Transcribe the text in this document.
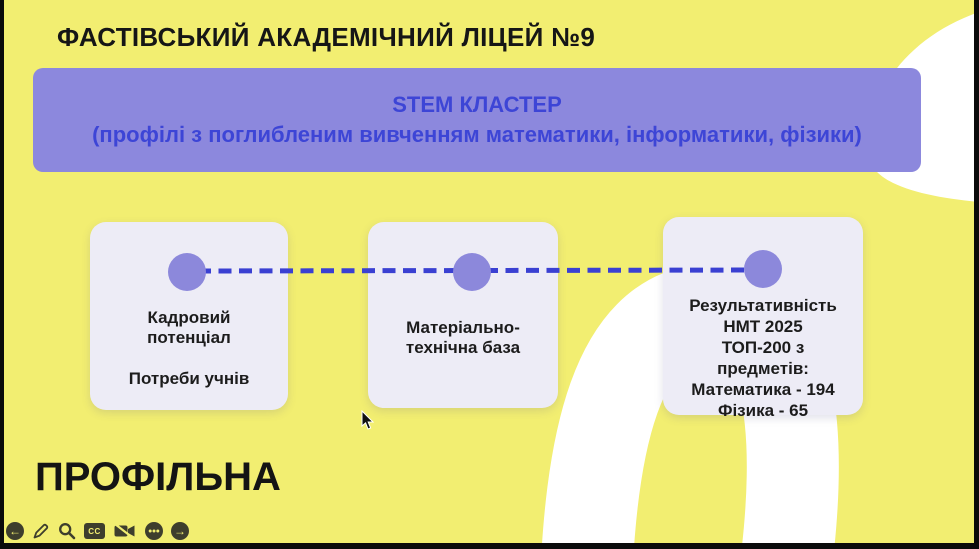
ФАСТІВСЬКИЙ АКАДЕМІЧНИЙ ЛІЦЕЙ №9
STEM КЛАСТЕР
(профілі з поглибленим вивченням математики, інформатики, фізики)

Кадровий потенціал

Потреби учнів

Матеріально-технічна база

Результативність

НМТ 2025

ТОП-200 з

предметів:

Математика - 194

Фізика - 65

ПРОФІЛЬНА
←	CC	→
